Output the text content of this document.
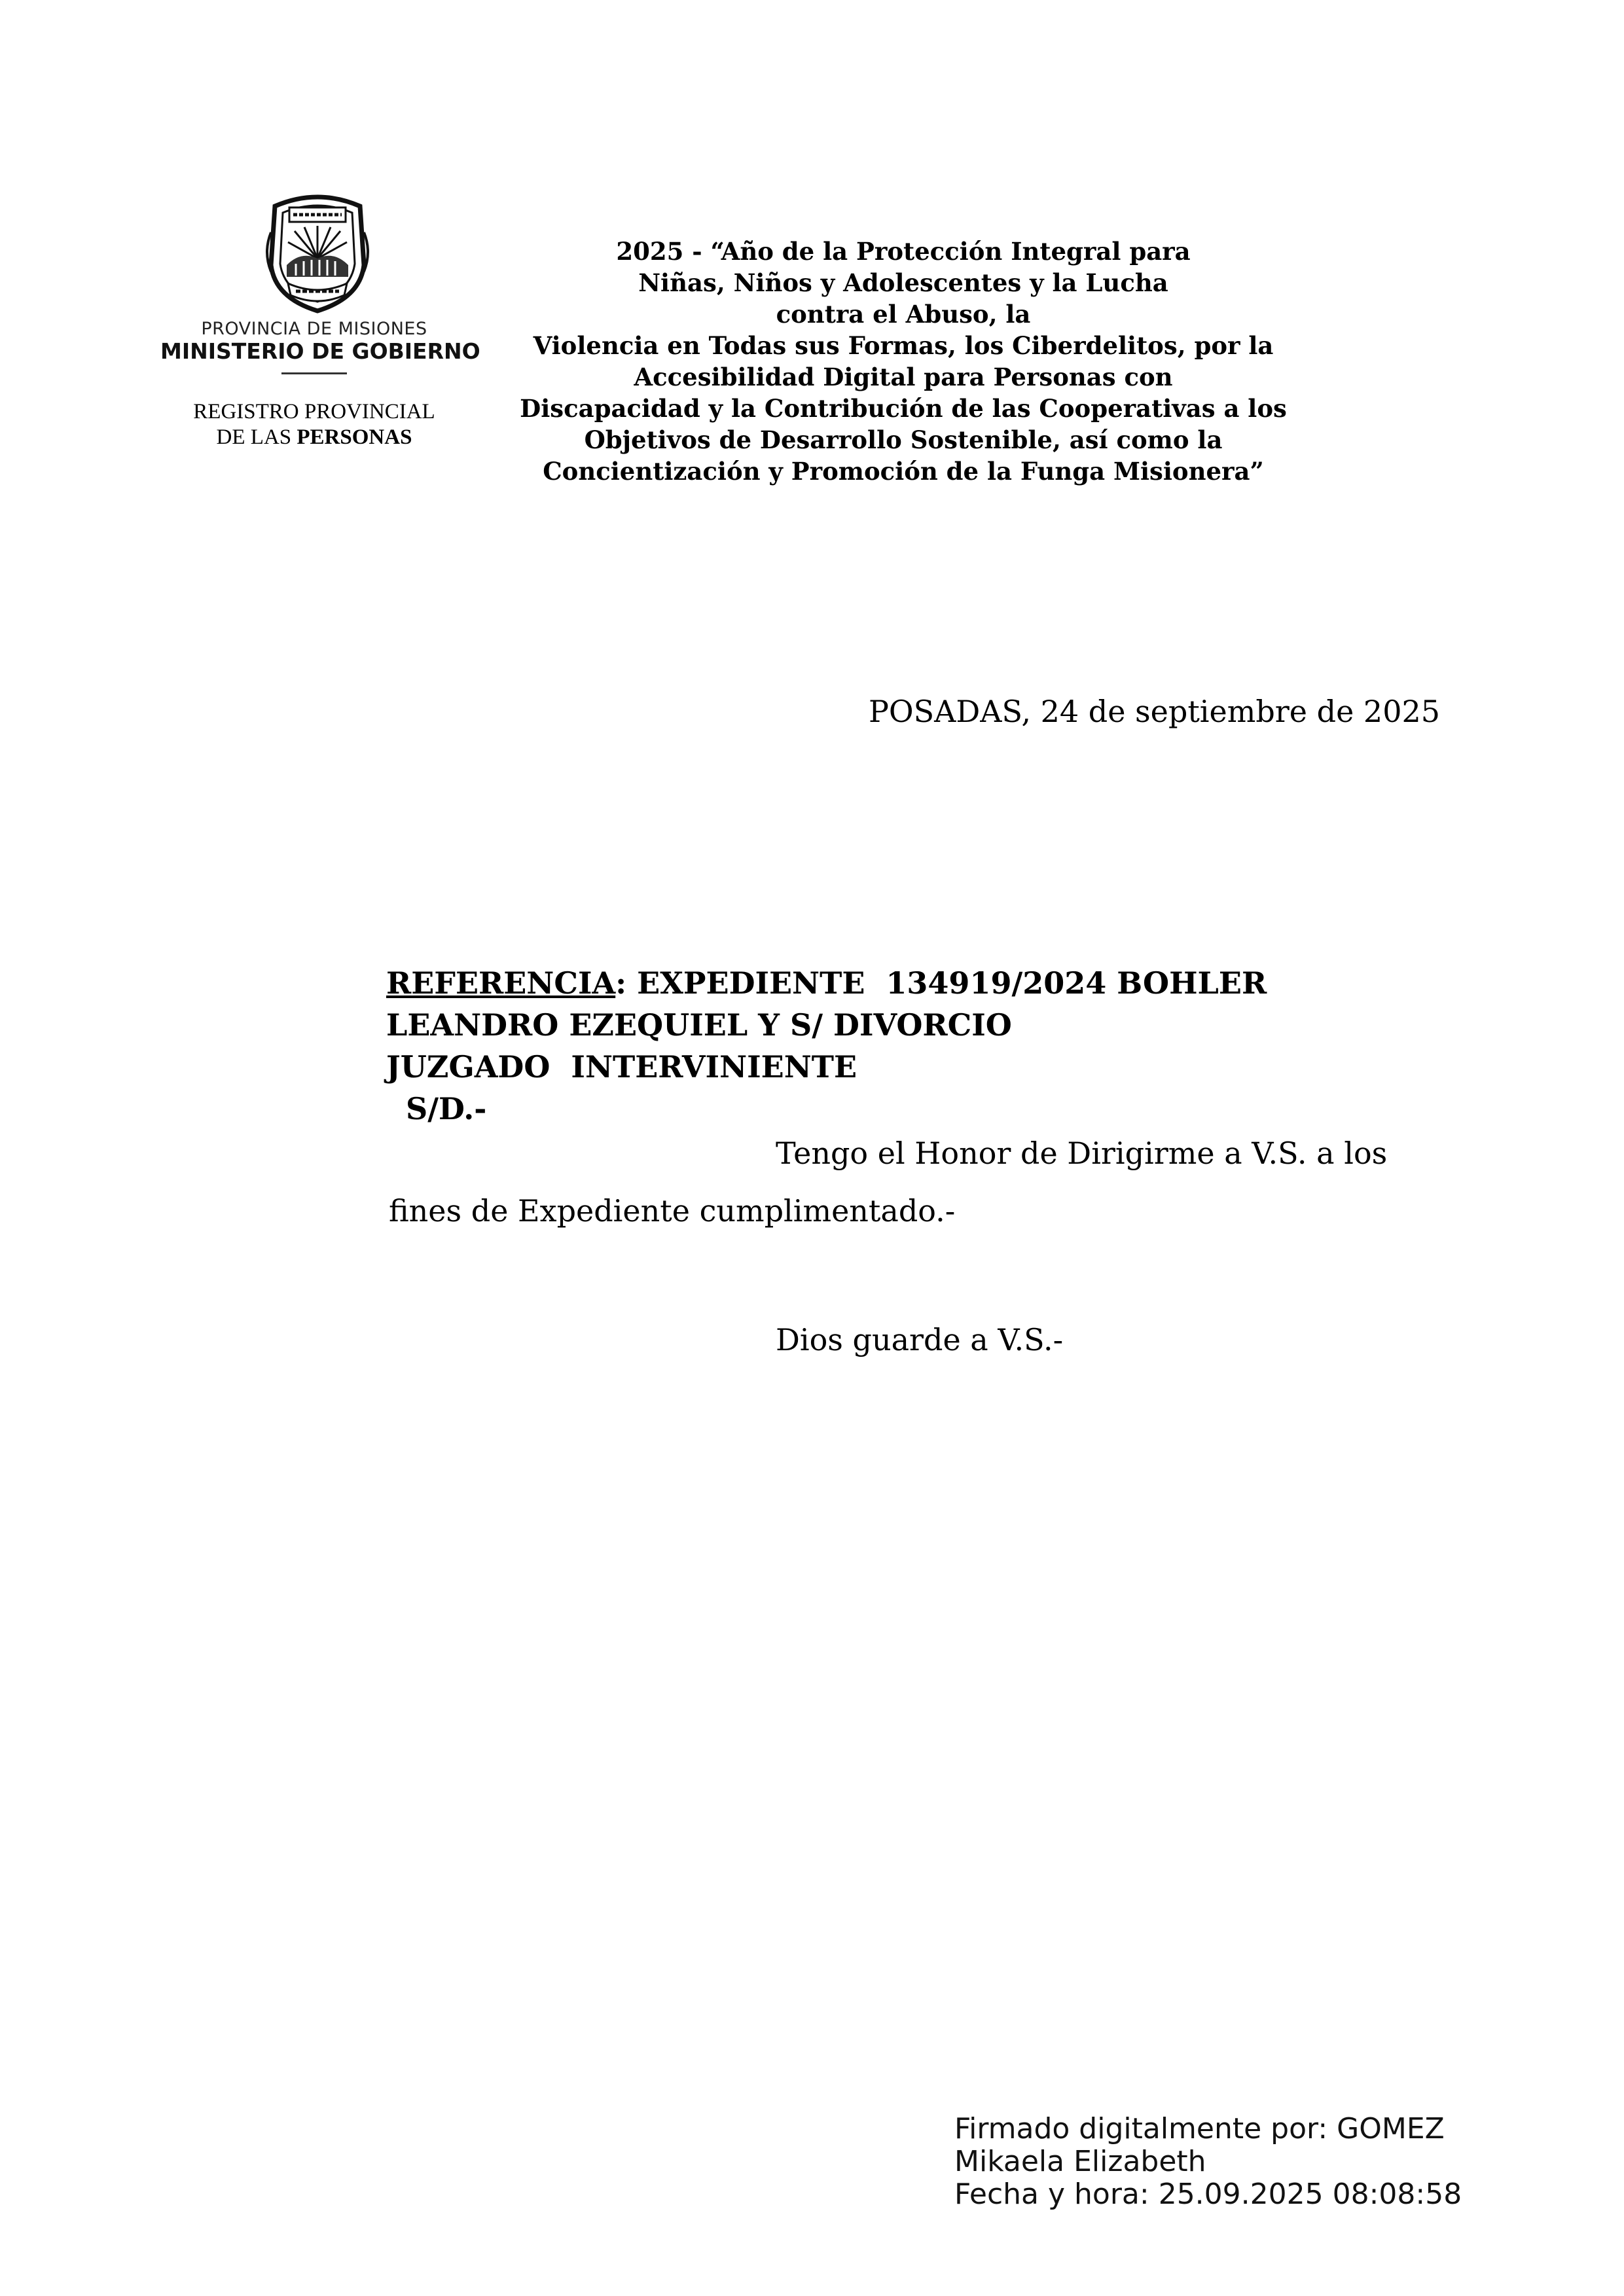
PROVINCIA DE MISIONES
MINISTERIO DE GOBIERNO
REGISTRO PROVINCIAL
DE LAS PERSONAS
2025 - “Año de la Protección Integral para
Niñas, Niños y Adolescentes y la Lucha
contra el Abuso, la
Violencia en Todas sus Formas, los Ciberdelitos, por la
Accesibilidad Digital para Personas con
Discapacidad y la Contribución de las Cooperativas a los
Objetivos de Desarrollo Sostenible, así como la
Concientización y Promoción de la Funga Misionera”
POSADAS, 24 de septiembre de 2025
REFERENCIA: EXPEDIENTE  134919/2024 BOHLER
LEANDRO EZEQUIEL Y S/ DIVORCIO
JUZGADO  INTERVINIENTE
S/D.-
Tengo el Honor de Dirigirme a V.S. a los
fines de Expediente cumplimentado.-
Dios guarde a V.S.-
Firmado digitalmente por: GOMEZ
Mikaela Elizabeth
Fecha y hora: 25.09.2025 08:08:58
